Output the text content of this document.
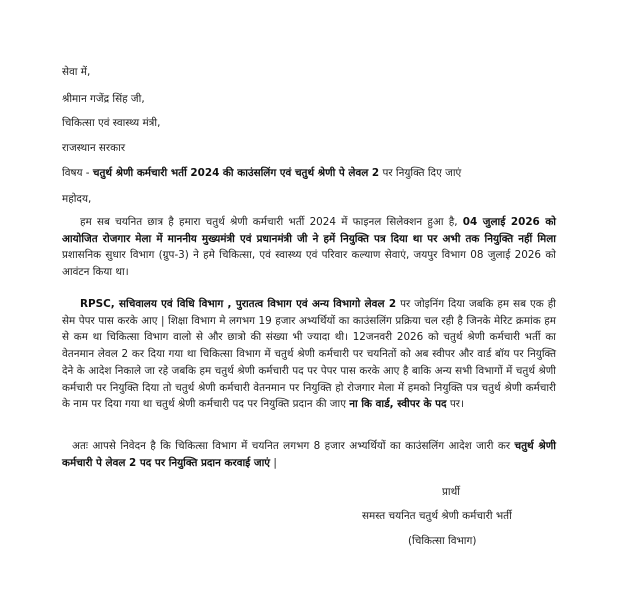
सेवा में,
श्रीमान गजेंद्र सिंह जी,
चिकित्सा एवं स्वास्थ्य मंत्री,
राजस्थान सरकार
विषय - चतुर्थ श्रेणी कर्मचारी भर्ती 2024 की काउंसलिंग एवं चतुर्थ श्रेणी पे लेवल 2 पर नियुक्ति दिए जाएं
महोदय,
हम सब चयनित छात्र है हमारा चतुर्थ श्रेणी कर्मचारी भर्ती 2024 में फाइनल सिलेक्शन हुआ है, 04 जुलाई 2026 को आयोजित रोजगार मेला में माननीय मुख्यमंत्री एवं प्रधानमंत्री जी ने हमें नियुक्ति पत्र दिया था पर अभी तक नियुक्ति नहीं मिला प्रशासनिक सुधार विभाग (ग्रुप-3) ने हमे चिकित्सा, एवं स्वास्थ्य एवं परिवार कल्याण सेवाएं, जयपुर विभाग 08 जुलाई 2026 को आवंटन किया था।
RPSC, सचिवालय एवं विधि विभाग , पुरातत्व विभाग एवं अन्य विभागो लेवल 2 पर जोइनिंग दिया जबकि हम सब एक ही सेम पेपर पास करके आए | शिक्षा विभाग मे लगभग 19 हजार अभ्यर्थियों का काउंसलिंग प्रक्रिया चल रही है जिनके मेरिट क्रमांक हम से कम था चिकित्सा विभाग वालो से और छात्रो की संख्या भी ज्यादा थी। 12जनवरी 2026 को चतुर्थ श्रेणी कर्मचारी भर्ती का वेतनमान लेवल 2 कर दिया गया था चिकित्सा विभाग में चतुर्थ श्रेणी कर्मचारी पर चयनितों को अब स्वीपर और वार्ड बॉय पर नियुक्ति देने के आदेश निकाले जा रहे जबकि हम चतुर्थ श्रेणी कर्मचारी पद पर पेपर पास करके आए है बाकि अन्य सभी विभागों में चतुर्थ श्रेणी कर्मचारी पर नियुक्ति दिया तो चतुर्थ श्रेणी कर्मचारी वेतनमान पर नियुक्ति हो रोजगार मेला में हमको नियुक्ति पत्र चतुर्थ श्रेणी कर्मचारी के नाम पर दिया गया था चतुर्थ श्रेणी कर्मचारी पद पर नियुक्ति प्रदान की जाए ना कि वार्ड, स्वीपर के पद पर।
अतः आपसे निवेदन है कि चिकित्सा विभाग में चयनित लगभग 8 हजार अभ्यर्थियों का काउंसलिंग आदेश जारी कर चतुर्थ श्रेणी कर्मचारी पे लेवल 2 पद पर नियुक्ति प्रदान करवाई जाएं |
प्रार्थी
समस्त चयनित चतुर्थ श्रेणी कर्मचारी भर्ती
(चिकित्सा विभाग)
